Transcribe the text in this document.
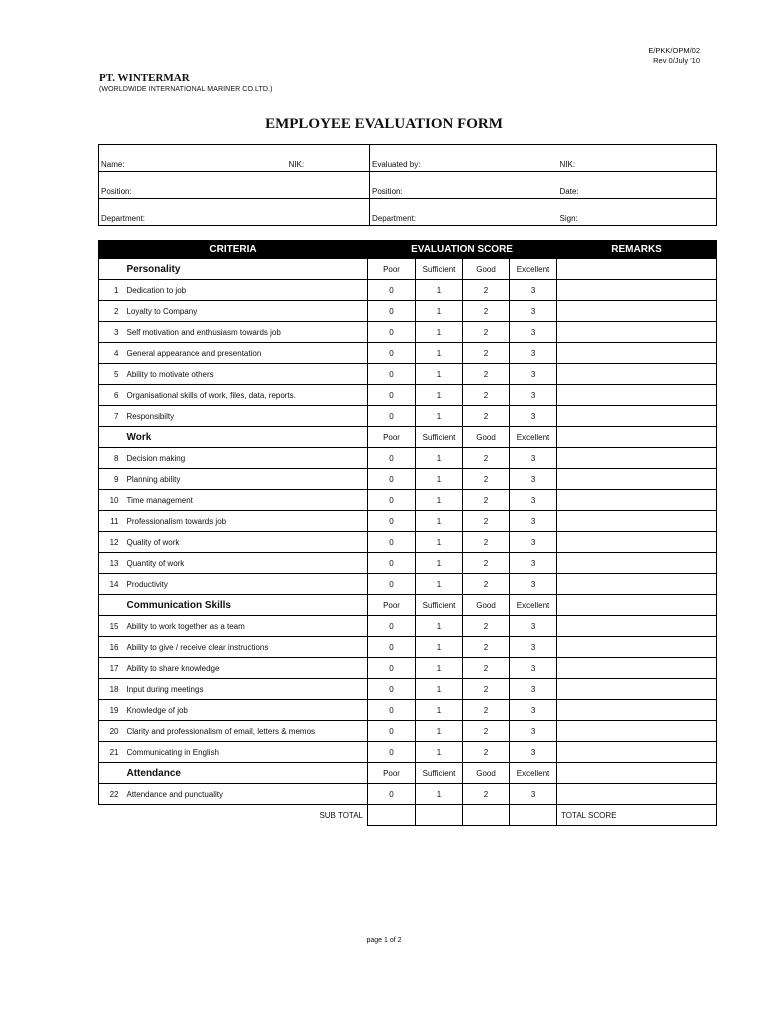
E/PKK/OPM/02
Rev 0/July '10
PT. WINTERMAR
(WORLDWIDE INTERNATIONAL MARINER CO.LTD.)
EMPLOYEE EVALUATION FORM
Name:	NIK:	Evaluated by:	NIK:
Position:		Position:	Date:
Department:		Department:	Sign:
CRITERIA		EVALUATION SCORE				REMARKS
	Personality	Poor	Sufficient	Good	Excellent	
1	Dedication to job	0	1	2	3	
2	Loyalty to Company	0	1	2	3	
3	Self motivation and enthusiasm towards job	0	1	2	3	
4	General appearance and presentation	0	1	2	3	
5	Ability to motivate others	0	1	2	3	
6	Organisational skills of work, files, data, reports.	0	1	2	3	
7	Responsibilty	0	1	2	3	
	Work	Poor	Sufficient	Good	Excellent	
8	Decision making	0	1	2	3	
9	Planning ability	0	1	2	3	
10	Time management	0	1	2	3	
11	Professionalism towards job	0	1	2	3	
12	Quality of work	0	1	2	3	
13	Quantity of work	0	1	2	3	
14	Productivity	0	1	2	3	
	Communication Skills	Poor	Sufficient	Good	Excellent	
15	Ability to work together as a team	0	1	2	3	
16	Ability to give / receive clear instructions	0	1	2	3	
17	Ability to share knowledge	0	1	2	3	
18	Input during meetings	0	1	2	3	
19	Knowledge of job	0	1	2	3	
20	Clarity and professionalism of email, letters & memos	0	1	2	3	
21	Communicating in English	0	1	2	3	
	Attendance	Poor	Sufficient	Good	Excellent	
22	Attendance and punctuality	0	1	2	3	
	SUB TOTAL					TOTAL SCORE
page 1 of 2
